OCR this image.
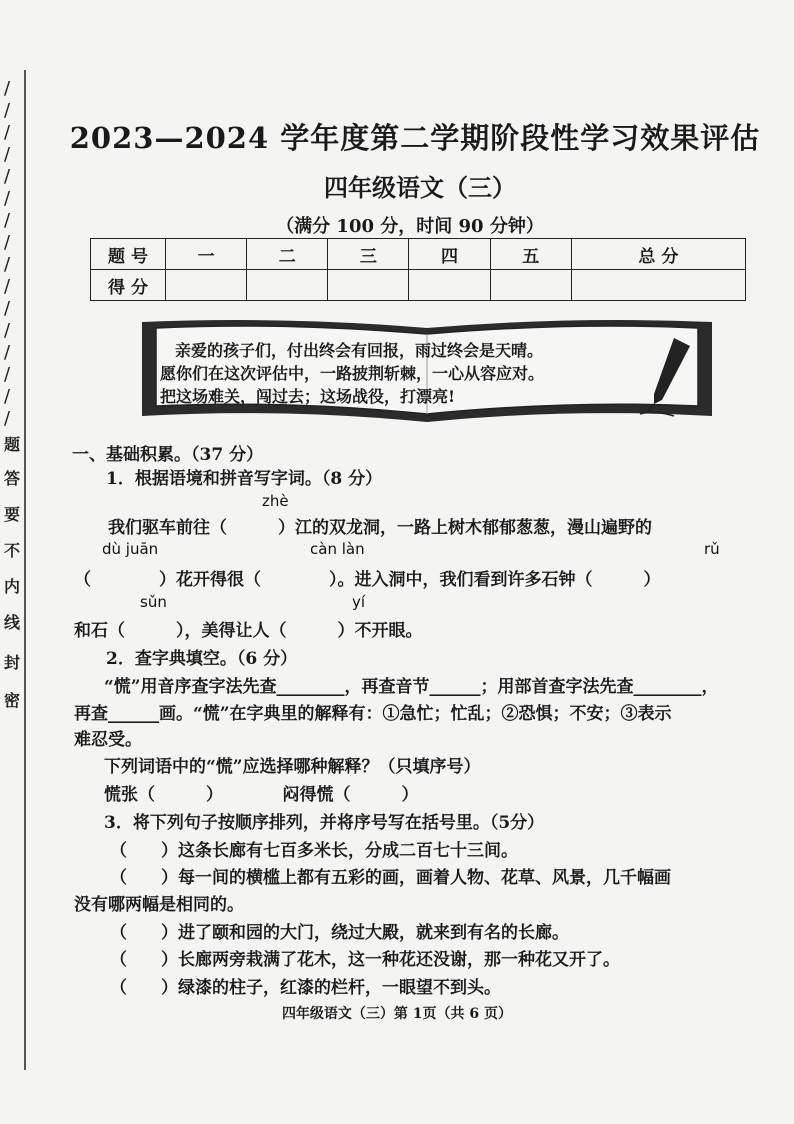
/
/
/
/
/
/
/
/
/
/
/
/
/
/
/
/
题
答
要
不
内
线
封
密
2023—2024 学年度第二学期阶段性学习效果评估
四年级语文（三）
（满分 100 分，时间 90 分钟）
题 号	一	二	三	四	五	总 分
得 分						
亲爱的孩子们，付出终会有回报，雨过终会是天晴。
愿你们在这次评估中，一路披荆斩棘，一心从容应对。
把这场难关，闯过去；这场战役，打漂亮!
一、基础积累。（37 分）
1．根据语境和拼音写字词。（8 分）
zhè
我们驱车前往（　　　）江的双龙洞，一路上树木郁郁葱葱，漫山遍野的
dù juān	càn làn	rǔ
（　　　　）花开得很（　　　　）。进入洞中，我们看到许多石钟（　　　）
sǔn	yí
和石（　　　），美得让人（　　　）不开眼。
2．查字典填空。（6 分）
“慌”用音序查字法先查________，再查音节______；用部首查字法先查________，
再查______画。“慌”在字典里的解释有：①急忙；忙乱；②恐惧；不安；③表示
难忍受。
下列词语中的“慌”应选择哪种解释？（只填序号）
慌张（　　　）　　　　闷得慌（　　　）
3．将下列句子按顺序排列，并将序号写在括号里。（5分）
（　　）这条长廊有七百多米长，分成二百七十三间。
（　　）每一间的横槛上都有五彩的画，画着人物、花草、风景，几千幅画
没有哪两幅是相同的。
（　　）进了颐和园的大门，绕过大殿，就来到有名的长廊。
（　　）长廊两旁栽满了花木，这一种花还没谢，那一种花又开了。
（　　）绿漆的柱子，红漆的栏杆，一眼望不到头。
四年级语文（三）第 1页（共 6 页）
